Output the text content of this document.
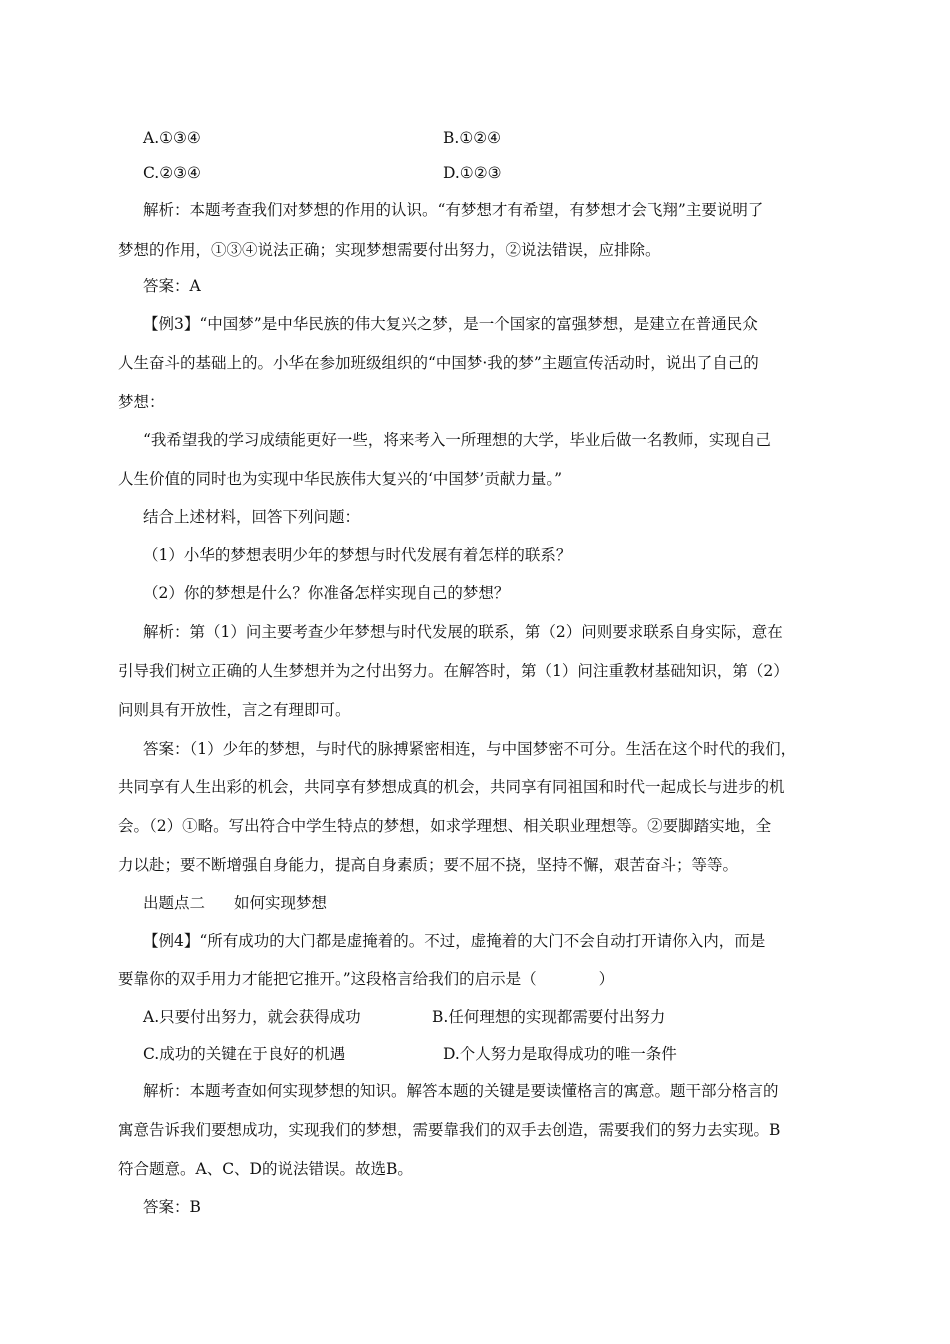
A.①③④	B.①②④
C.②③④	D.①②③
解析：本题考查我们对梦想的作用的认识。“有梦想才有希望，有梦想才会飞翔”主要说明了
梦想的作用，①③④说法正确；实现梦想需要付出努力，②说法错误，应排除。
答案：A
【例3】“中国梦”是中华民族的伟大复兴之梦，是一个国家的富强梦想，是建立在普通民众
人生奋斗的基础上的。小华在参加班级组织的“中国梦·我的梦”主题宣传活动时，说出了自己的
梦想：
“我希望我的学习成绩能更好一些，将来考入一所理想的大学，毕业后做一名教师，实现自己
人生价值的同时也为实现中华民族伟大复兴的‘中国梦’贡献力量。”
结合上述材料，回答下列问题：
（1）小华的梦想表明少年的梦想与时代发展有着怎样的联系？
（2）你的梦想是什么？你准备怎样实现自己的梦想？
解析：第（1）问主要考查少年梦想与时代发展的联系，第（2）问则要求联系自身实际，意在
引导我们树立正确的人生梦想并为之付出努力。在解答时，第（1）问注重教材基础知识，第（2）
问则具有开放性，言之有理即可。
答案：（1）少年的梦想，与时代的脉搏紧密相连，与中国梦密不可分。生活在这个时代的我们，
共同享有人生出彩的机会，共同享有梦想成真的机会，共同享有同祖国和时代一起成长与进步的机
会。（2）①略。写出符合中学生特点的梦想，如求学理想、相关职业理想等。②要脚踏实地，全
力以赴；要不断增强自身能力，提高自身素质；要不屈不挠，坚持不懈，艰苦奋斗；等等。
出题点二	如何实现梦想
【例4】“所有成功的大门都是虚掩着的。不过，虚掩着的大门不会自动打开请你入内，而是
要靠你的双手用力才能把它推开。”这段格言给我们的启示是（　　　　）
A.只要付出努力，就会获得成功	B.任何理想的实现都需要付出努力
C.成功的关键在于良好的机遇	D.个人努力是取得成功的唯一条件
解析：本题考查如何实现梦想的知识。解答本题的关键是要读懂格言的寓意。题干部分格言的
寓意告诉我们要想成功，实现我们的梦想，需要靠我们的双手去创造，需要我们的努力去实现。B
符合题意。A、C、D的说法错误。故选B。
答案：B
